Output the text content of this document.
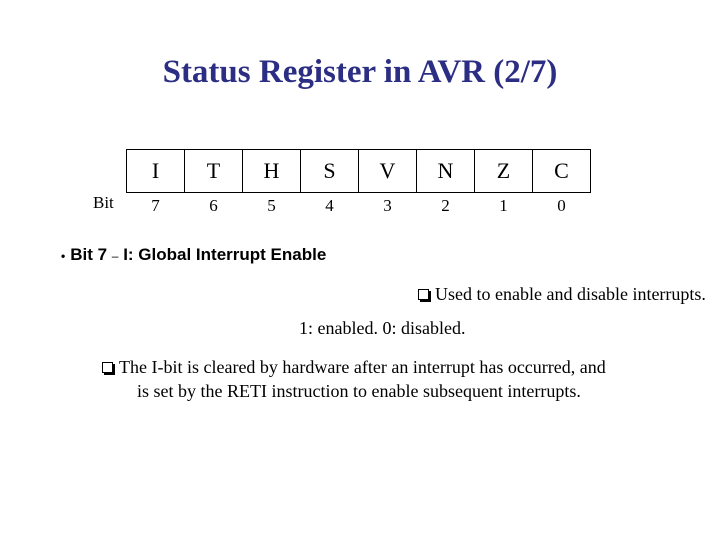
Status Register in AVR (2/7)
Bit
I	T	H	S	V	N	Z	C
7	6	5	4	3	2	1	0
• Bit 7 – I: Global Interrupt Enable
Used to enable and disable interrupts.
1: enabled. 0: disabled.
The I-bit is cleared by hardware after an interrupt has occurred, and
is set by the RETI instruction to enable subsequent interrupts.
